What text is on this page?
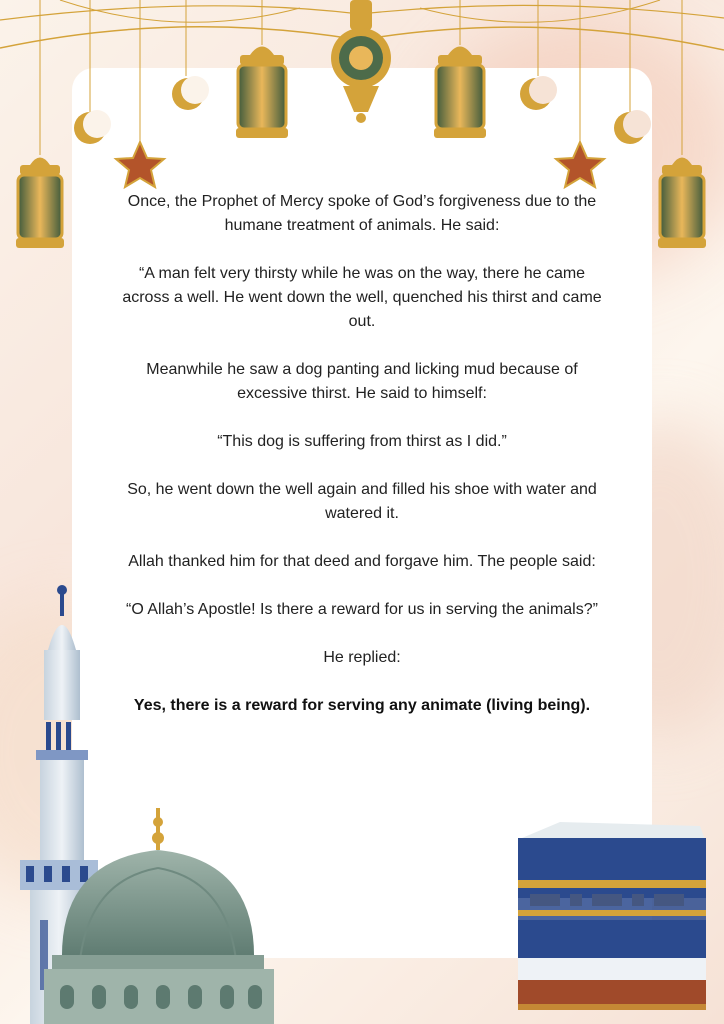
Once, the Prophet of Mercy spoke of God’s forgiveness due to the humane treatment of animals. He said:

“A man felt very thirsty while he was on the way, there he came across a well. He went down the well, quenched his thirst and came out.

Meanwhile he saw a dog panting and licking mud because of excessive thirst. He said to himself:

“This dog is suffering from thirst as I did.”

So, he went down the well again and filled his shoe with water and watered it.

Allah thanked him for that deed and forgave him. The people said:

“O Allah’s Apostle! Is there a reward for us in serving the animals?”

He replied:

Yes, there is a reward for serving any animate (living being).
